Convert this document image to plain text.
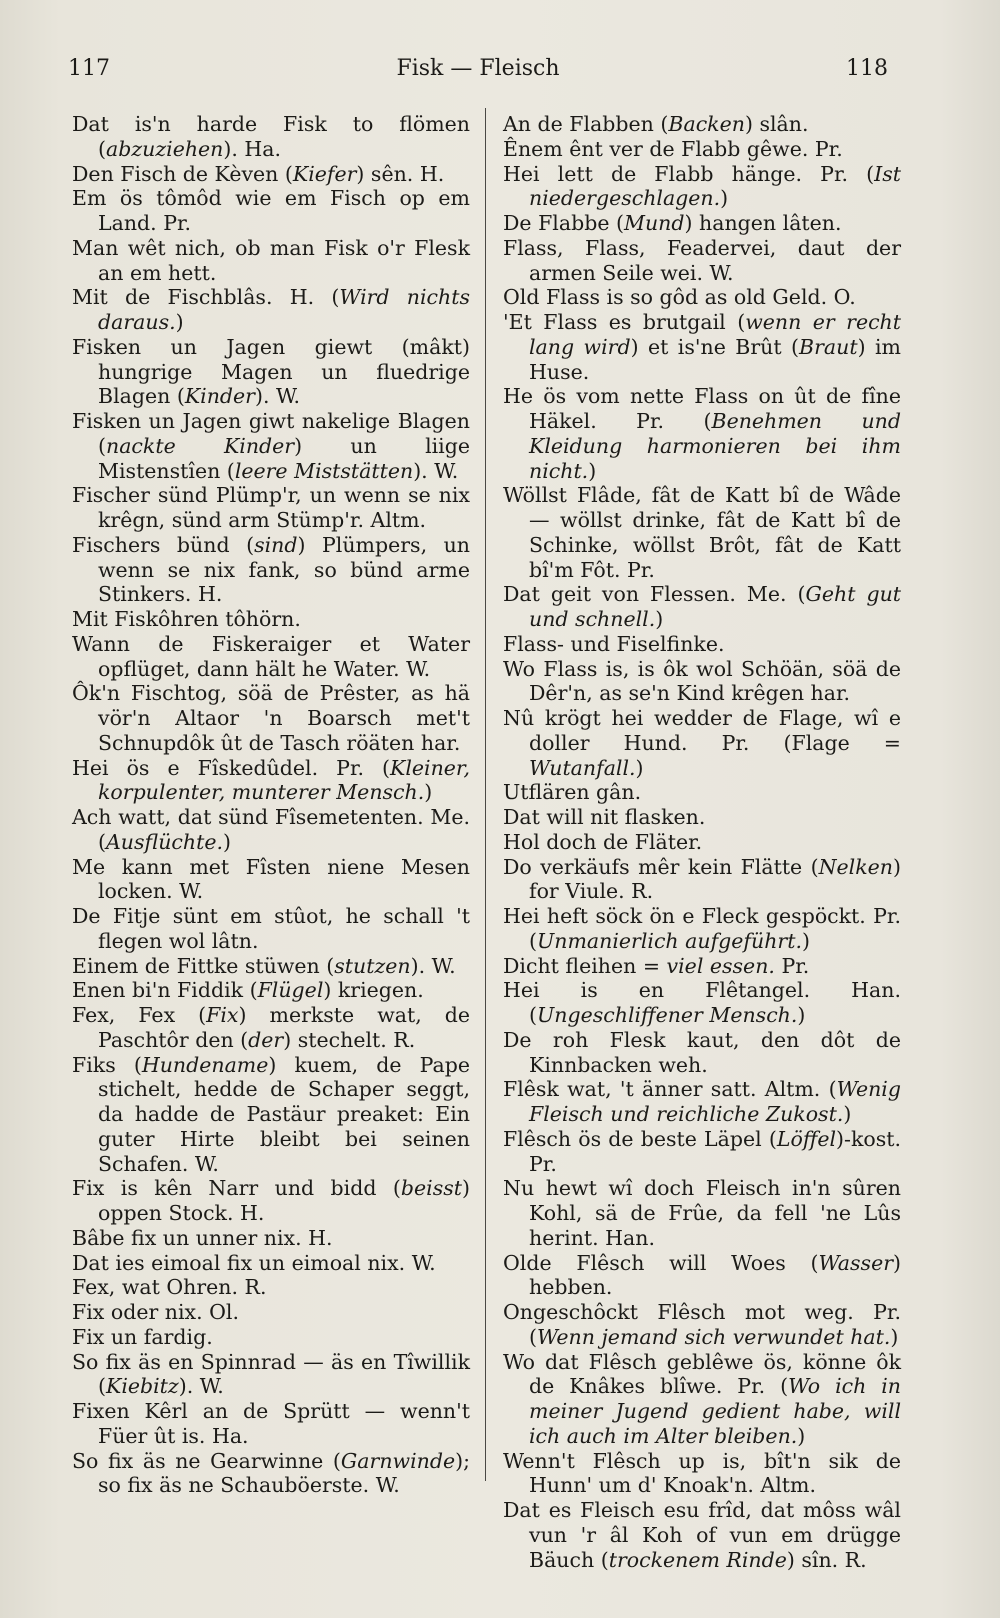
117	Fisk — Fleisch	118

Dat is'n harde Fisk to flömen (abzuziehen). Ha.

Den Fisch de Kèven (Kiefer) sên. H.

Em ös tômôd wie em Fisch op em Land. Pr.

Man wêt nich, ob man Fisk o'r Flesk an em hett.

Mit de Fischblâs. H. (Wird nichts daraus.)

Fisken un Jagen giewt (mâkt) hungrige Magen un fluedrige Blagen (Kinder). W.

Fisken un Jagen giwt nakelige Blagen (nackte Kinder) un liige Mistenstîen (leere Miststätten). W.

Fischer sünd Plümp'r, un wenn se nix krêgn, sünd arm Stümp'r. Altm.

Fischers bünd (sind) Plümpers, un wenn se nix fank, so bünd arme Stinkers. H.

Mit Fiskôhren tôhörn.

Wann de Fiskeraiger et Water opflüget, dann hält he Water. W.

Ôk'n Fischtog, söä de Prêster, as hä vör'n Altaor 'n Boarsch met't Schnupdôk ût de Tasch röäten har.

Hei ös e Fîskedûdel. Pr. (Kleiner, korpulenter, munterer Mensch.)

Ach watt, dat sünd Fîsemetenten. Me. (Ausflüchte.)

Me kann met Fîsten niene Mesen locken. W.

De Fitje sünt em stûot, he schall 't flegen wol lâtn.

Einem de Fittke stüwen (stutzen). W.

Enen bi'n Fiddik (Flügel) kriegen.

Fex, Fex (Fix) merkste wat, de Paschtôr den (der) stechelt. R.

Fiks (Hundename) kuem, de Pape stichelt, hedde de Schaper seggt, da hadde de Pastäur preaket: Ein guter Hirte bleibt bei seinen Schafen. W.

Fix is kên Narr und bidd (beisst) oppen Stock. H.

Bâbe fix un unner nix. H.

Dat ies eimoal fix un eimoal nix. W.

Fex, wat Ohren. R.

Fix oder nix. Ol.

Fix un fardig.

So fix äs en Spinnrad — äs en Tîwillik (Kiebitz). W.

Fixen Kêrl an de Sprütt — wenn't Füer ût is. Ha.

So fix äs ne Gearwinne (Garnwinde); so fix äs ne Schauböerste. W.

An de Flabben (Backen) slân.

Ênem ênt ver de Flabb gêwe. Pr.

Hei lett de Flabb hänge. Pr. (Ist niedergeschlagen.)

De Flabbe (Mund) hangen lâten.

Flass, Flass, Feadervei, daut der armen Seile wei. W.

Old Flass is so gôd as old Geld. O.

'Et Flass es brutgail (wenn er recht lang wird) et is'ne Brût (Braut) im Huse.

He ös vom nette Flass on ût de fîne Häkel. Pr. (Benehmen und Kleidung harmonieren bei ihm nicht.)

Wöllst Flâde, fât de Katt bî de Wâde — wöllst drinke, fât de Katt bî de Schinke, wöllst Brôt, fât de Katt bî'm Fôt. Pr.

Dat geit von Flessen. Me. (Geht gut und schnell.)

Flass- und Fiselfinke.

Wo Flass is, is ôk wol Schöän, söä de Dêr'n, as se'n Kind krêgen har.

Nû krögt hei wedder de Flage, wî e doller Hund. Pr. (Flage = Wutanfall.)

Utflären gân.

Dat will nit flasken.

Hol doch de Fläter.

Do verkäufs mêr kein Flätte (Nelken) for Viule. R.

Hei heft söck ön e Fleck gespöckt. Pr. (Unmanierlich aufgeführt.)

Dicht fleihen = viel essen. Pr.

Hei is en Flêtangel. Han. (Ungeschliffener Mensch.)

De roh Flesk kaut, den dôt de Kinnbacken weh.

Flêsk wat, 't änner satt. Altm. (Wenig Fleisch und reichliche Zukost.)

Flêsch ös de beste Läpel (Löffel)-kost. Pr.

Nu hewt wî doch Fleisch in'n sûren Kohl, sä de Frûe, da fell 'ne Lûs herint. Han.

Olde Flêsch will Woes (Wasser) hebben.

Ongeschôckt Flêsch mot weg. Pr. (Wenn jemand sich verwundet hat.)

Wo dat Flêsch geblêwe ös, könne ôk de Knâkes blîwe. Pr. (Wo ich in meiner Jugend gedient habe, will ich auch im Alter bleiben.)

Wenn't Flêsch up is, bît'n sik de Hunn' um d' Knoak'n. Altm.

Dat es Fleisch esu frîd, dat môss wâl vun 'r âl Koh of vun em drügge Bäuch (trockenem Rinde) sîn. R.
